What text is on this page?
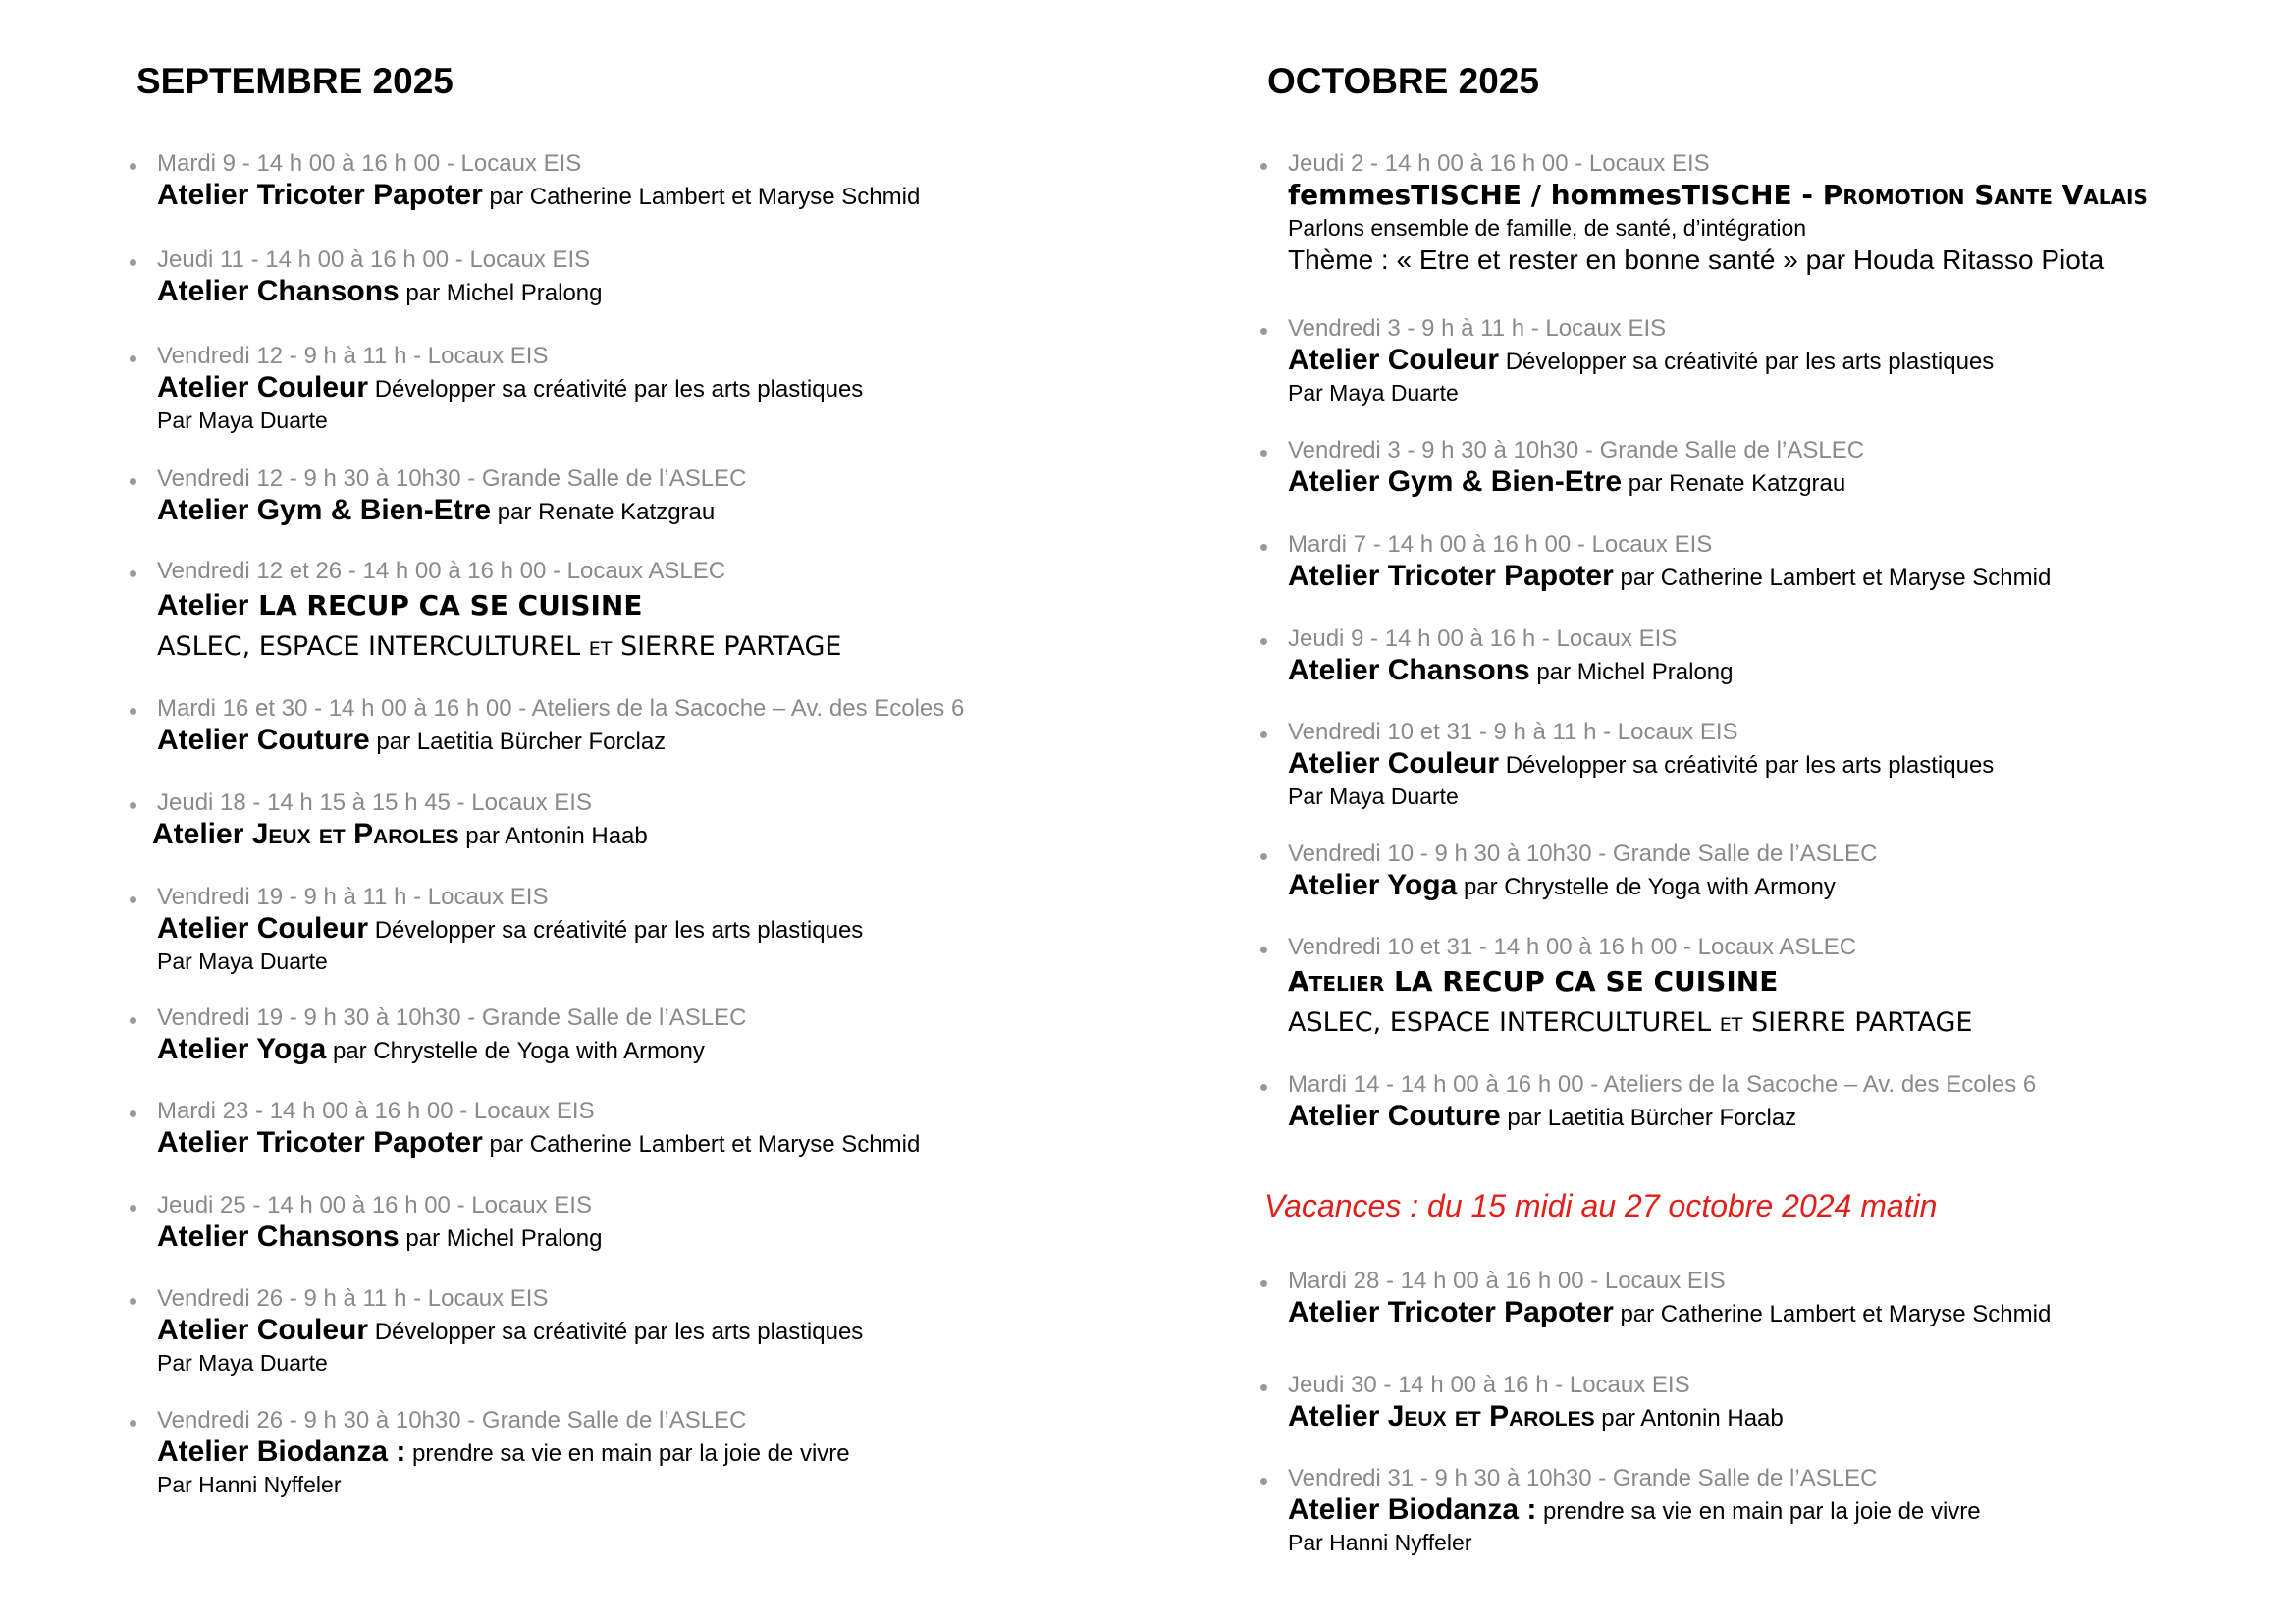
SEPTEMBRE 2025
Mardi 9 - 14 h 00 à 16 h 00 - Locaux EIS
Atelier Tricoter Papoter par Catherine Lambert et Maryse Schmid
Jeudi 11 - 14 h 00 à 16 h 00 - Locaux EIS
Atelier Chansons par Michel Pralong
Vendredi 12 - 9 h à 11 h - Locaux EIS
Atelier Couleur Développer sa créativité par les arts plastiques
Par Maya Duarte
Vendredi 12 - 9 h 30 à 10h30 - Grande Salle de l’ASLEC
Atelier Gym & Bien-Etre par Renate Katzgrau
Vendredi 12 et 26 - 14 h 00 à 16 h 00 - Locaux ASLEC
Atelier LA RECUP CA SE CUISINE
ASLEC, ESPACE INTERCULTUREL ET SIERRE PARTAGE
Mardi 16 et 30 - 14 h 00 à 16 h 00 - Ateliers de la Sacoche – Av. des Ecoles 6
Atelier Couture par Laetitia Bürcher Forclaz
Jeudi 18 - 14 h 15 à 15 h 45 - Locaux EIS
Atelier Jeux et Paroles par Antonin Haab
Vendredi 19 - 9 h à 11 h - Locaux EIS
Atelier Couleur Développer sa créativité par les arts plastiques
Par Maya Duarte
Vendredi 19 - 9 h 30 à 10h30 - Grande Salle de l’ASLEC
Atelier Yoga par Chrystelle de Yoga with Armony
Mardi 23 - 14 h 00 à 16 h 00 - Locaux EIS
Atelier Tricoter Papoter par Catherine Lambert et Maryse Schmid
Jeudi 25 - 14 h 00 à 16 h 00 - Locaux EIS
Atelier Chansons par Michel Pralong
Vendredi 26 - 9 h à 11 h - Locaux EIS
Atelier Couleur Développer sa créativité par les arts plastiques
Par Maya Duarte
Vendredi 26 - 9 h 30 à 10h30 - Grande Salle de l’ASLEC
Atelier Biodanza : prendre sa vie en main par la joie de vivre
Par Hanni Nyffeler
OCTOBRE 2025
Jeudi 2 - 14 h 00 à 16 h 00 - Locaux EIS
femmesTISCHE / hommesTISCHE - Promotion Sante Valais
Parlons ensemble de famille, de santé, d’intégration
Thème : « Etre et rester en bonne santé » par Houda Ritasso Piota
Vendredi 3 - 9 h à 11 h - Locaux EIS
Atelier Couleur Développer sa créativité par les arts plastiques
Par Maya Duarte
Vendredi 3 - 9 h 30 à 10h30 - Grande Salle de l’ASLEC
Atelier Gym & Bien-Etre par Renate Katzgrau
Mardi 7 - 14 h 00 à 16 h 00 - Locaux EIS
Atelier Tricoter Papoter par Catherine Lambert et Maryse Schmid
Jeudi 9 - 14 h 00 à 16 h - Locaux EIS
Atelier Chansons par Michel Pralong
Vendredi 10 et 31 - 9 h à 11 h - Locaux EIS
Atelier Couleur Développer sa créativité par les arts plastiques
Par Maya Duarte
Vendredi 10 - 9 h 30 à 10h30 - Grande Salle de l’ASLEC
Atelier Yoga par Chrystelle de Yoga with Armony
Vendredi 10 et 31 - 14 h 00 à 16 h 00 - Locaux ASLEC
Atelier LA RECUP CA SE CUISINE
ASLEC, ESPACE INTERCULTUREL ET SIERRE PARTAGE
Mardi 14 - 14 h 00 à 16 h 00 - Ateliers de la Sacoche – Av. des Ecoles 6
Atelier Couture par Laetitia Bürcher Forclaz
Vacances : du 15 midi au 27 octobre 2024 matin
Mardi 28 - 14 h 00 à 16 h 00 - Locaux EIS
Atelier Tricoter Papoter par Catherine Lambert et Maryse Schmid
Jeudi 30 - 14 h 00 à 16 h - Locaux EIS
Atelier Jeux et Paroles par Antonin Haab
Vendredi 31 - 9 h 30 à 10h30 - Grande Salle de l’ASLEC
Atelier Biodanza : prendre sa vie en main par la joie de vivre
Par Hanni Nyffeler
